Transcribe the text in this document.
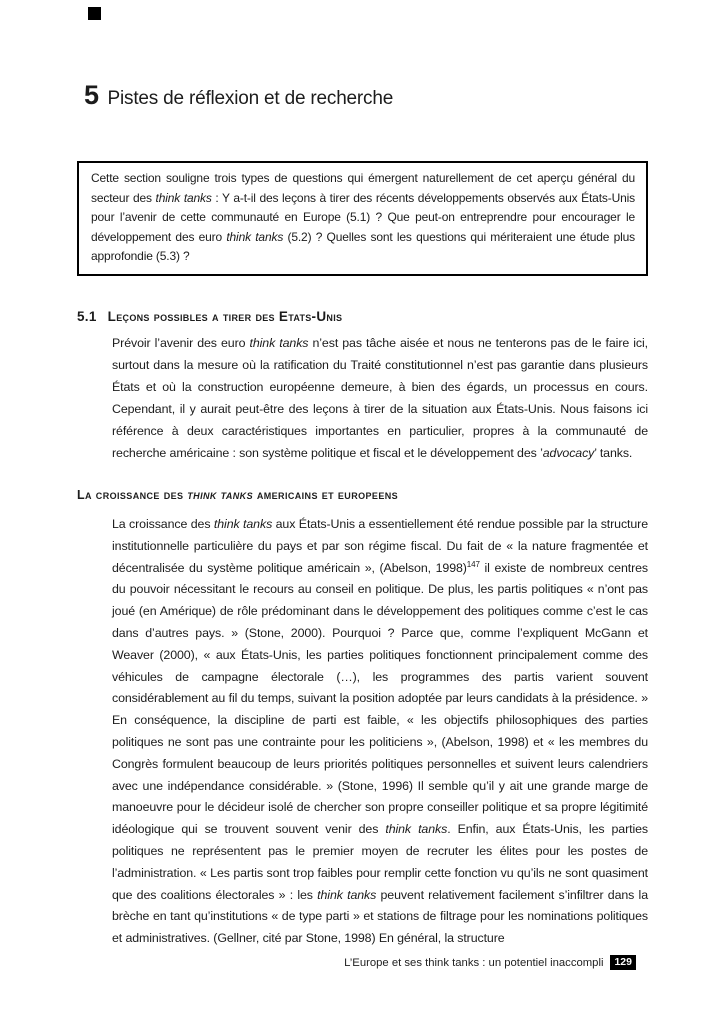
5 Pistes de réflexion et de recherche
Cette section souligne trois types de questions qui émergent naturellement de cet aperçu général du secteur des think tanks : Y a-t-il des leçons à tirer des récents développements observés aux États-Unis pour l’avenir de cette communauté en Europe (5.1) ? Que peut-on entreprendre pour encourager le développement des euro think tanks (5.2) ? Quelles sont les questions qui mériteraient une étude plus approfondie (5.3) ?
5.1 Leçons possibles a tirer des Etats-Unis
Prévoir l’avenir des euro think tanks n’est pas tâche aisée et nous ne tenterons pas de le faire ici, surtout dans la mesure où la ratification du Traité constitutionnel n’est pas garantie dans plusieurs États et où la construction européenne demeure, à bien des égards, un processus en cours. Cependant, il y aurait peut-être des leçons à tirer de la situation aux États-Unis. Nous faisons ici référence à deux caractéristiques importantes en particulier, propres à la communauté de recherche américaine : son système politique et fiscal et le développement des ’advocacy’ tanks.
La croissance des think tanks americains et europeens
La croissance des think tanks aux États-Unis a essentiellement été rendue possible par la structure institutionnelle particulière du pays et par son régime fiscal. Du fait de « la nature fragmentée et décentralisée du système politique américain », (Abelson, 1998)$^{147}$ il existe de nombreux centres du pouvoir nécessitant le recours au conseil en politique. De plus, les partis politiques « n’ont pas joué (en Amérique) de rôle prédominant dans le développement des politiques comme c’est le cas dans d’autres pays. » (Stone, 2000). Pourquoi ? Parce que, comme l’expliquent McGann et Weaver (2000), « aux États-Unis, les parties politiques fonctionnent principalement comme des véhicules de campagne électorale (…), les programmes des partis varient souvent considérablement au fil du temps, suivant la position adoptée par leurs candidats à la présidence. » En conséquence, la discipline de parti est faible, « les objectifs philosophiques des parties politiques ne sont pas une contrainte pour les politiciens », (Abelson, 1998) et « les membres du Congrès formulent beaucoup de leurs priorités politiques personnelles et suivent leurs calendriers avec une indépendance considérable. » (Stone, 1996) Il semble qu’il y ait une grande marge de manoeuvre pour le décideur isolé de chercher son propre conseiller politique et sa propre légitimité idéologique qui se trouvent souvent venir des think tanks. Enfin, aux États-Unis, les parties politiques ne représentent pas le premier moyen de recruter les élites pour les postes de l’administration. « Les partis sont trop faibles pour remplir cette fonction vu qu’ils ne sont quasiment que des coalitions électorales » : les think tanks peuvent relativement facilement s’infiltrer dans la brèche en tant qu’institutions « de type parti » et stations de filtrage pour les nominations politiques et administratives. (Gellner, cité par Stone, 1998) En général, la structure
L’Europe et ses think tanks : un potentiel inaccompli	129
